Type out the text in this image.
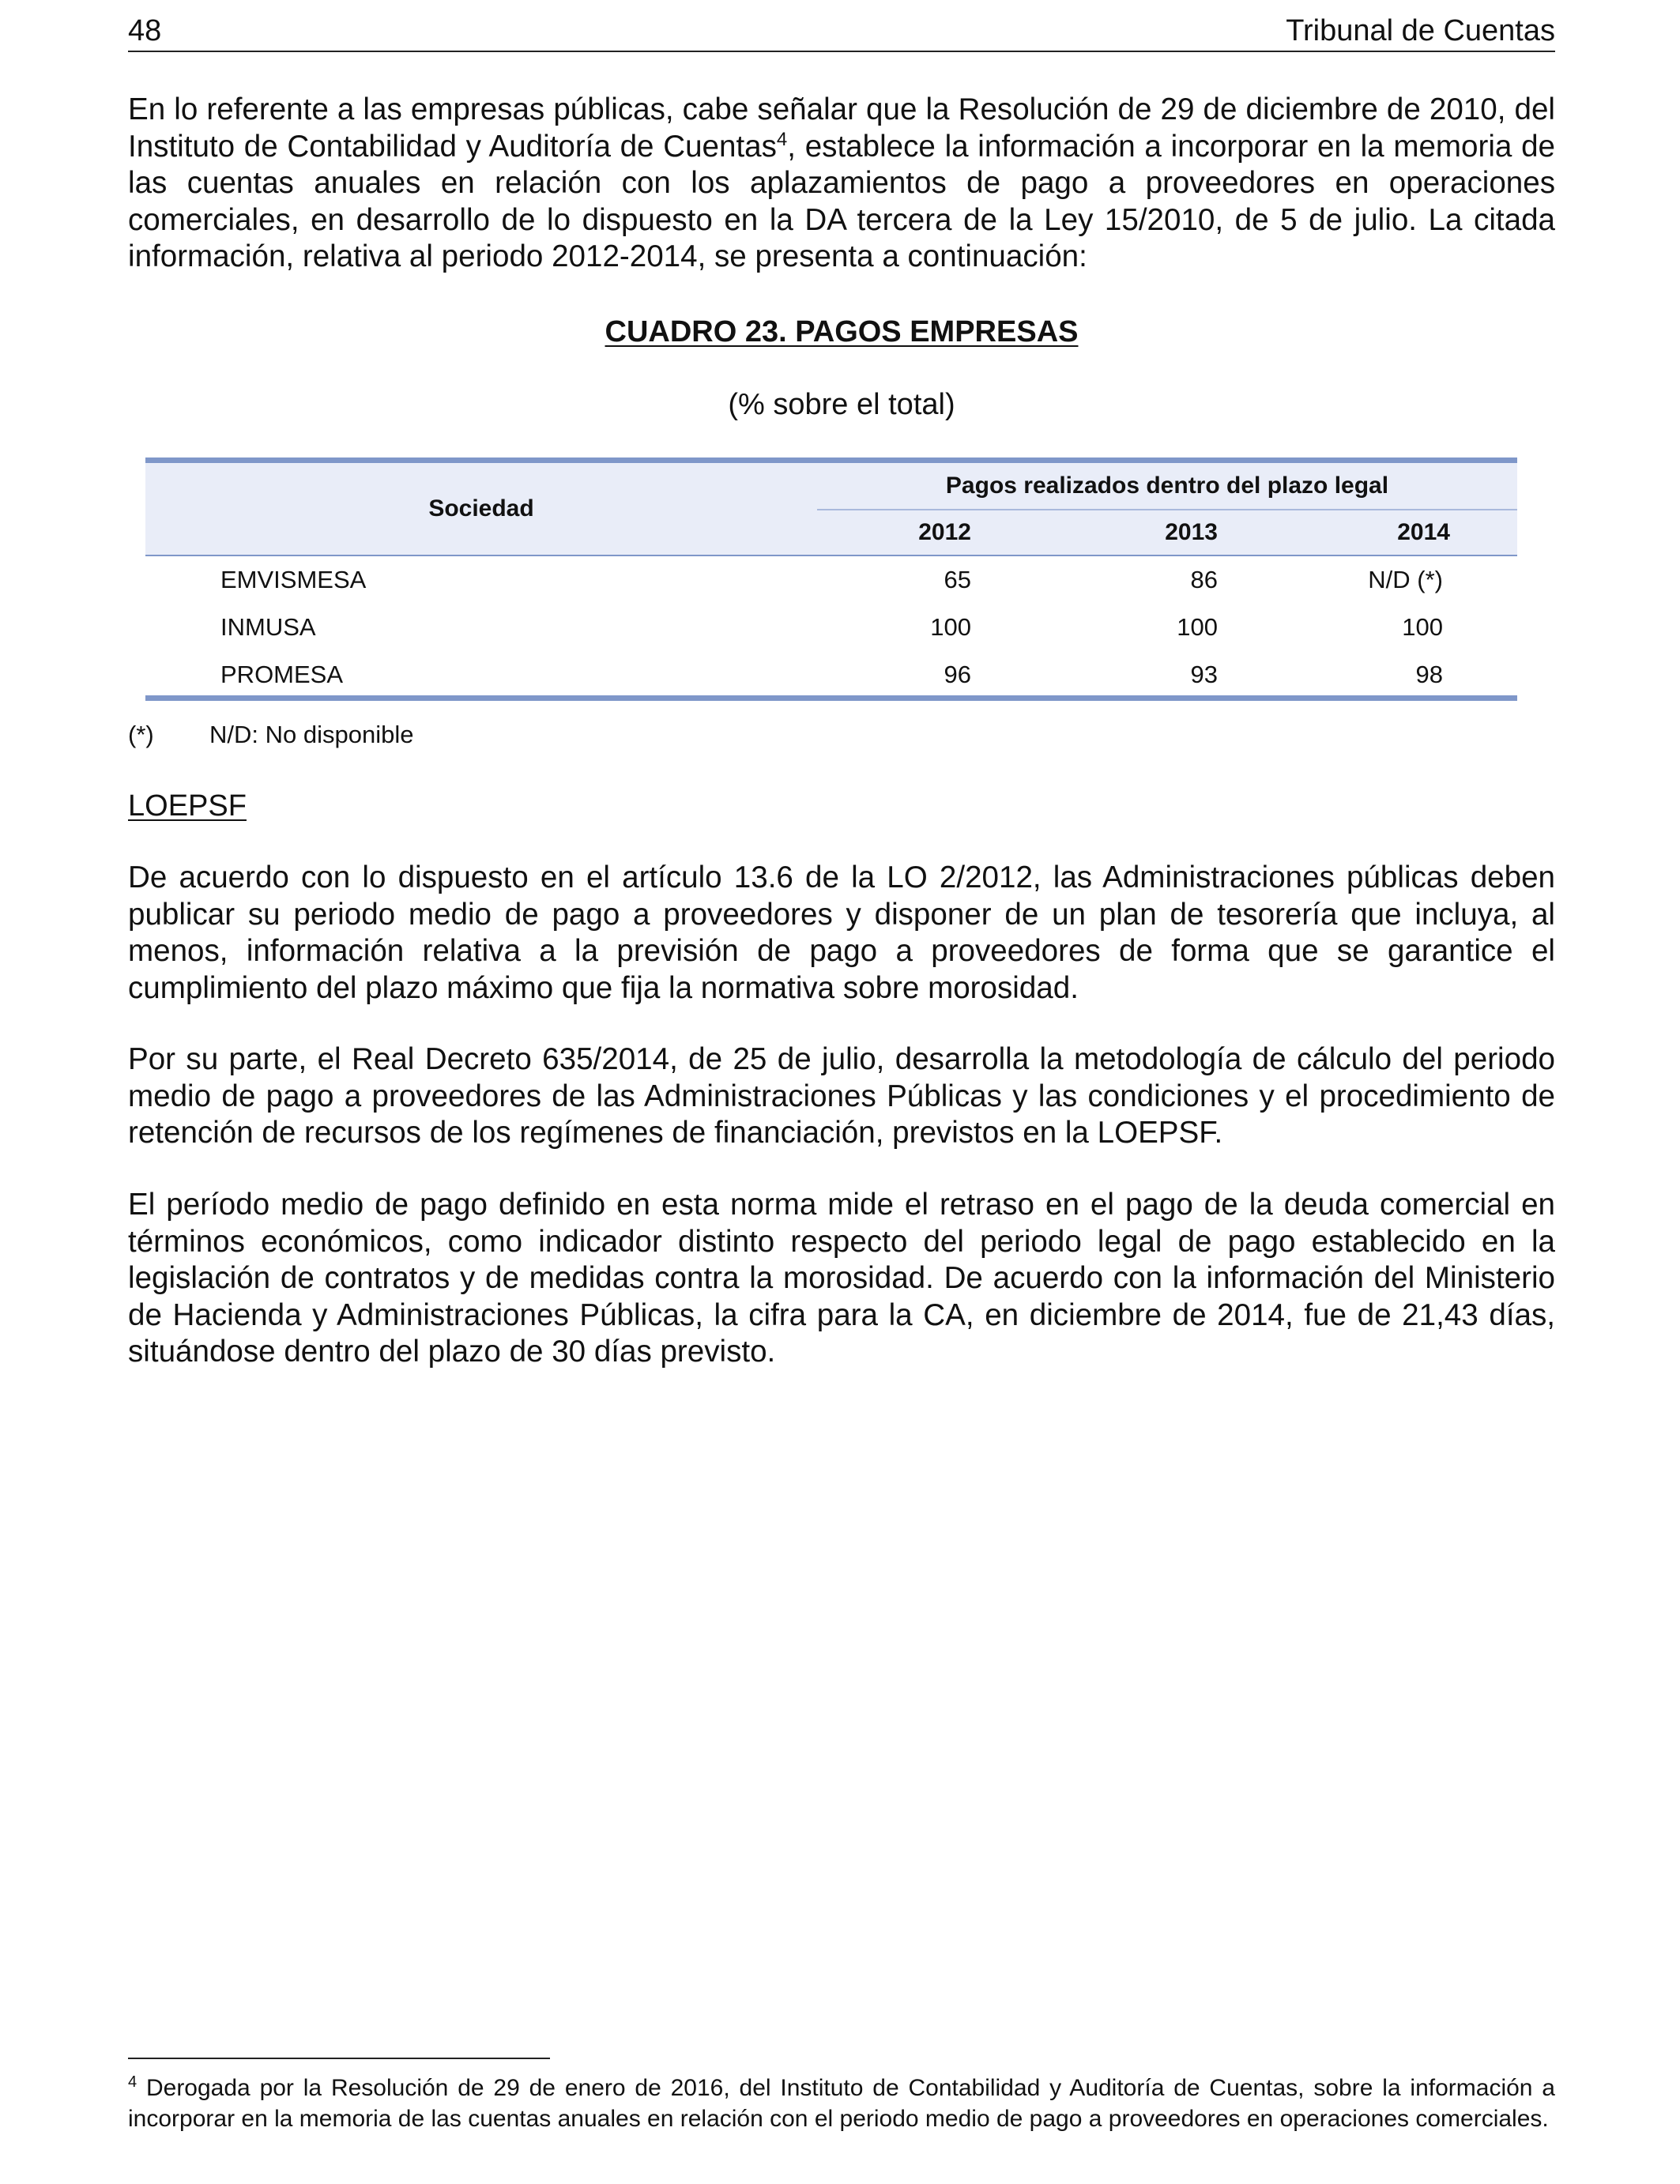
48	Tribunal de Cuentas

En lo referente a las empresas públicas, cabe señalar que la Resolución de 29 de diciembre de 2010, del Instituto de Contabilidad y Auditoría de Cuentas$^4$, establece la información a incorporar en la memoria de las cuentas anuales en relación con los aplazamientos de pago a proveedores en operaciones comerciales, en desarrollo de lo dispuesto en la DA tercera de la Ley 15/2010, de 5 de julio. La citada información, relativa al periodo 2012-2014, se presenta a continuación:

CUADRO 23. PAGOS EMPRESAS
(% sobre el total)
Sociedad
Pagos realizados dentro del plazo legal
2012	2013	2014
EMVISMESA	65	86	N/D (*)
INMUSA	100	100	100
PROMESA	96	93	98
(*) N/D: No disponible
LOEPSF

De acuerdo con lo dispuesto en el artículo 13.6 de la LO 2/2012, las Administraciones públicas deben publicar su periodo medio de pago a proveedores y disponer de un plan de tesorería que incluya, al menos, información relativa a la previsión de pago a proveedores de forma que se garantice el cumplimiento del plazo máximo que fija la normativa sobre morosidad.

Por su parte, el Real Decreto 635/2014, de 25 de julio, desarrolla la metodología de cálculo del periodo medio de pago a proveedores de las Administraciones Públicas y las condiciones y el procedimiento de retención de recursos de los regímenes de financiación, previstos en la LOEPSF.

El período medio de pago definido en esta norma mide el retraso en el pago de la deuda comercial en términos económicos, como indicador distinto respecto del periodo legal de pago establecido en la legislación de contratos y de medidas contra la morosidad. De acuerdo con la información del Ministerio de Hacienda y Administraciones Públicas, la cifra para la CA, en diciembre de 2014, fue de 21,43 días, situándose dentro del plazo de 30 días previsto.

$^4$ Derogada por la Resolución de 29 de enero de 2016, del Instituto de Contabilidad y Auditoría de Cuentas, sobre la información a incorporar en la memoria de las cuentas anuales en relación con el periodo medio de pago a proveedores en operaciones comerciales.
